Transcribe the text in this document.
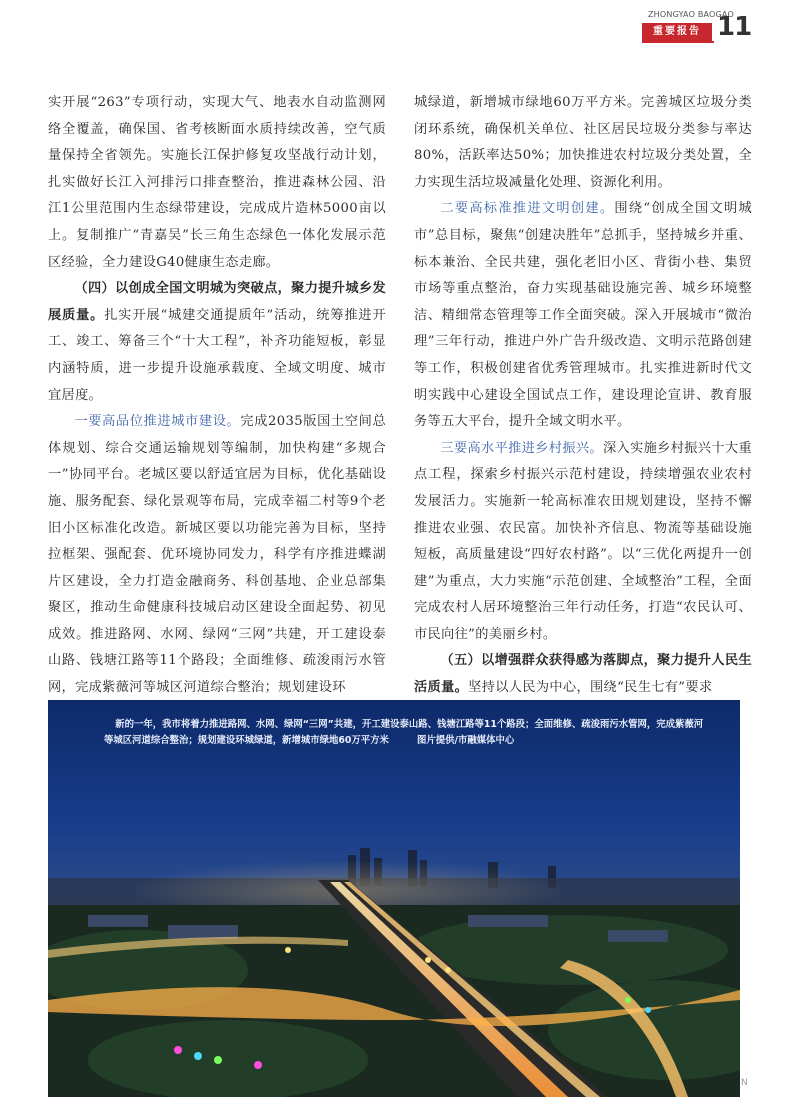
ZHONGYAO BAOGAO
重要报告 11

实开展“263”专项行动，实现大气、地表水自动监测网络全覆盖，确保国、省考核断面水质持续改善，空气质量保持全省领先。实施长江保护修复攻坚战行动计划，扎实做好长江入河排污口排查整治，推进森林公园、沿江1公里范围内生态绿带建设，完成成片造林5000亩以上。复制推广“青嘉吴”长三角生态绿色一体化发展示范区经验，全力建设G40健康生态走廊。

（四）以创成全国文明城为突破点，聚力提升城乡发展质量。扎实开展“城建交通提质年”活动，统筹推进开工、竣工、筹备三个“十大工程”，补齐功能短板，彰显内涵特质，进一步提升设施承载度、全域文明度、城市宜居度。

一要高品位推进城市建设。完成2035版国土空间总体规划、综合交通运输规划等编制，加快构建“多规合一”协同平台。老城区要以舒适宜居为目标，优化基础设施、服务配套、绿化景观等布局，完成幸福二村等9个老旧小区标准化改造。新城区要以功能完善为目标，坚持拉框架、强配套、优环境协同发力，科学有序推进蝶湖片区建设，全力打造金融商务、科创基地、企业总部集聚区，推动生命健康科技城启动区建设全面起势、初见成效。推进路网、水网、绿网“三网”共建，开工建设泰山路、钱塘江路等11个路段；全面维修、疏浚雨污水管网，完成紫薇河等城区河道综合整治；规划建设环

城绿道，新增城市绿地60万平方米。完善城区垃圾分类闭环系统，确保机关单位、社区居民垃圾分类参与率达80%，活跃率达50%；加快推进农村垃圾分类处置，全力实现生活垃圾减量化处理、资源化利用。

二要高标准推进文明创建。围绕“创成全国文明城市”总目标，聚焦“创建决胜年”总抓手，坚持城乡并重、标本兼治、全民共建，强化老旧小区、背街小巷、集贸市场等重点整治，奋力实现基础设施完善、城乡环境整洁、精细常态管理等工作全面突破。深入开展城市“微治理”三年行动，推进户外广告升级改造、文明示范路创建等工作，积极创建省优秀管理城市。扎实推进新时代文明实践中心建设全国试点工作，建设理论宣讲、教育服务等五大平台，提升全域文明水平。

三要高水平推进乡村振兴。深入实施乡村振兴十大重点工程，探索乡村振兴示范村建设，持续增强农业农村发展活力。实施新一轮高标准农田规划建设，坚持不懈推进农业强、农民富。加快补齐信息、物流等基础设施短板，高质量建设“四好农村路”。以“三优化两提升一创建”为重点，大力实施“示范创建、全域整治”工程，全面完成农村人居环境整治三年行动任务，打造“农民认可、市民向往”的美丽乡村。

（五）以增强群众获得感为落脚点，聚力提升人民生活质量。坚持以人民为中心，围绕“民生七有”要求

新的一年，我市将着力推进路网、水网、绿网“三网”共建，开工建设泰山路、钱塘江路等11个路段；全面维修、疏浚雨污水管网，完成紫薇河等城区河道综合整治；规划建设环城绿道，新增城市绿地60万平方米　　　图片提供/市融媒体中心
N
